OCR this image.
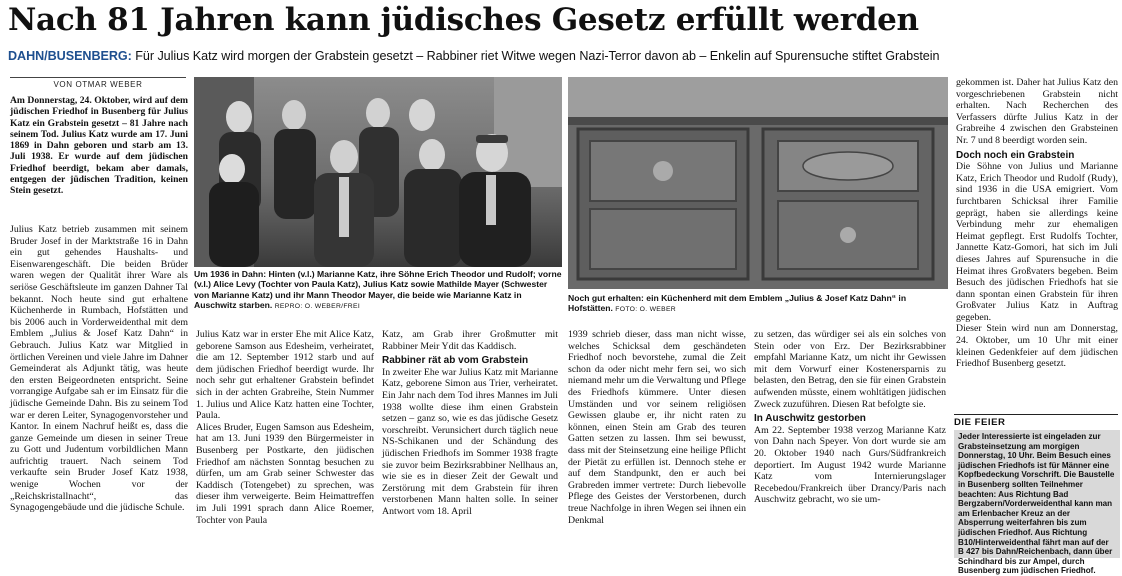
Nach 81 Jahren kann jüdisches Gesetz erfüllt werden
DAHN/BUSENBERG: Für Julius Katz wird morgen der Grabstein gesetzt – Rabbiner riet Witwe wegen Nazi-Terror davon ab – Enkelin auf Spurensuche stiftet Grabstein
VON OTMAR WEBER
Am Donnerstag, 24. Oktober, wird auf dem jüdischen Friedhof in Busenberg für Julius Katz ein Grabstein gesetzt – 81 Jahre nach seinem Tod. Julius Katz wurde am 17. Juni 1869 in Dahn geboren und starb am 13. Juli 1938. Er wurde auf dem jüdischen Friedhof beerdigt, bekam aber damals, entgegen der jüdischen Tradition, keinen Stein gesetzt.

Julius Katz betrieb zusammen mit seinem Bruder Josef in der Marktstraße 16 in Dahn ein gut gehendes Haushalts- und Eisenwarengeschäft. Die beiden Brüder waren wegen der Qualität ihrer Ware als seriöse Geschäftsleute im ganzen Dahner Tal bekannt. Noch heute sind gut erhaltene Küchenherde in Rumbach, Hofstätten und bis 2006 auch in Vorderweidenthal mit dem Emblem „Julius & Josef Katz Dahn“ in Gebrauch. Julius Katz war Mitglied in örtlichen Vereinen und viele Jahre im Dahner Gemeinderat als Adjunkt tätig, was heute den ersten Beigeordneten entspricht. Seine vorrangige Aufgabe sah er im Einsatz für die jüdische Gemeinde Dahn. Bis zu seinem Tod war er deren Leiter, Synagogenvorsteher und Kantor. In einem Nachruf heißt es, dass die ganze Gemeinde um diesen in seiner Treue zu Gott und Judentum vorbildlichen Mann aufrichtig trauert. Nach seinem Tod verkaufte sein Bruder Josef Katz 1938, wenige Wochen vor der „Reichskristallnacht“, das Synagogengebäude und die jüdische Schule.

Um 1936 in Dahn: Hinten (v.l.) Marianne Katz, ihre Söhne Erich Theodor und Rudolf; vorne (v.l.) Alice Levy (Tochter von Paula Katz), Julius Katz sowie Mathilde Mayer (Schwester von Marianne Katz) und ihr Mann Theodor Mayer, die beide wie Marianne Katz in Auschwitz starben. REPRO: O. WEBER/FREI
Noch gut erhalten: ein Küchenherd mit dem Emblem „Julius & Josef Katz Dahn“ in Hofstätten. FOTO: O. WEBER

Julius Katz war in erster Ehe mit Alice Katz, geborene Samson aus Edesheim, verheiratet, die am 12. September 1912 starb und auf dem jüdischen Friedhof beerdigt wurde. Ihr noch sehr gut erhaltener Grabstein befindet sich in der achten Grabreihe, Stein Nummer 1. Julius und Alice Katz hatten eine Tochter, Paula.

Alices Bruder, Eugen Samson aus Edesheim, hat am 13. Juni 1939 den Bürgermeister in Busenberg per Postkarte, den jüdischen Friedhof am nächsten Sonntag besuchen zu dürfen, um am Grab seiner Schwester das Kaddisch (Totengebet) zu sprechen, was dieser ihm verweigerte. Beim Heimattreffen im Juli 1991 sprach dann Alice Roemer, Tochter von Paula

Katz, am Grab ihrer Großmutter mit Rabbiner Meir Ydit das Kaddisch.

Rabbiner rät ab vom Grabstein

In zweiter Ehe war Julius Katz mit Marianne Katz, geborene Simon aus Trier, verheiratet. Ein Jahr nach dem Tod ihres Mannes im Juli 1938 wollte diese ihm einen Grabstein setzen – ganz so, wie es das jüdische Gesetz vorschreibt. Verunsichert durch täglich neue NS-Schikanen und der Schändung des jüdischen Friedhofs im Sommer 1938 fragte sie zuvor beim Bezirksrabbiner Nellhaus an, wie sie es in dieser Zeit der Gewalt und Zerstörung mit dem Grabstein für ihren verstorbenen Mann halten solle. In seiner Antwort vom 18. April

1939 schrieb dieser, dass man nicht wisse, welches Schicksal dem geschändeten Friedhof noch bevorstehe, zumal die Zeit schon da oder nicht mehr fern sei, wo sich niemand mehr um die Verwaltung und Pflege des Friedhofs kümmere. Unter diesen Umständen und vor seinem religiösen Gewissen glaube er, ihr nicht raten zu können, einen Stein am Grab des teuren Gatten setzen zu lassen. Ihm sei bewusst, dass mit der Steinsetzung eine heilige Pflicht der Pietät zu erfüllen ist. Dennoch stehe er auf dem Standpunkt, den er auch bei Grabreden immer vertrete: Durch liebevolle Pflege des Geistes der Verstorbenen, durch treue Nachfolge in ihren Wegen sei ihnen ein Denkmal

zu setzen, das würdiger sei als ein solches von Stein oder von Erz. Der Bezirksrabbiner empfahl Marianne Katz, um nicht ihr Gewissen mit dem Vorwurf einer Kostenersparnis zu belasten, den Betrag, den sie für einen Grabstein aufwenden müsste, einem wohltätigen jüdischen Zweck zuzuführen. Diesen Rat befolgte sie.

In Auschwitz gestorben

Am 22. September 1938 verzog Marianne Katz von Dahn nach Speyer. Von dort wurde sie am 20. Oktober 1940 nach Gurs/Südfrankreich deportiert. Im August 1942 wurde Marianne Katz vom Internierungslager Recebedou/Frankreich über Drancy/Paris nach Auschwitz gebracht, wo sie um-

gekommen ist. Daher hat Julius Katz den vorgeschriebenen Grabstein nicht erhalten. Nach Recherchen des Verfassers dürfte Julius Katz in der Grabreihe 4 zwischen den Grabsteinen Nr. 7 und 8 beerdigt worden sein.

Doch noch ein Grabstein

Die Söhne von Julius und Marianne Katz, Erich Theodor und Rudolf (Rudy), sind 1936 in die USA emigriert. Vom furchtbaren Schicksal ihrer Familie geprägt, haben sie allerdings keine Verbindung mehr zur ehemaligen Heimat gepflegt. Erst Rudolfs Tochter, Jannette Katz-Gomori, hat sich im Juli dieses Jahres auf Spurensuche in die Heimat ihres Großvaters begeben. Beim Besuch des jüdischen Friedhofs hat sie dann spontan einen Grabstein für ihren Großvater Julius Katz in Auftrag gegeben.

Dieser Stein wird nun am Donnerstag, 24. Oktober, um 10 Uhr mit einer kleinen Gedenkfeier auf dem jüdischen Friedhof Busenberg gesetzt.

DIE FEIER
Jeder Interessierte ist eingeladen zur Grabsteinsetzung am morgigen Donnerstag, 10 Uhr. Beim Besuch eines jüdischen Friedhofs ist für Männer eine Kopfbedeckung Vorschrift. Die Baustelle in Busenberg sollten Teilnehmer beachten: Aus Richtung Bad Bergzabern/Vorderweidenthal kann man am Erlenbacher Kreuz an der Absperrung weiterfahren bis zum jüdischen Friedhof. Aus Richtung B10/Hinterweidenthal fährt man auf der B 427 bis Dahn/Reichenbach, dann über Schindhard bis zur Ampel, durch Busenberg zum jüdischen Friedhof.
